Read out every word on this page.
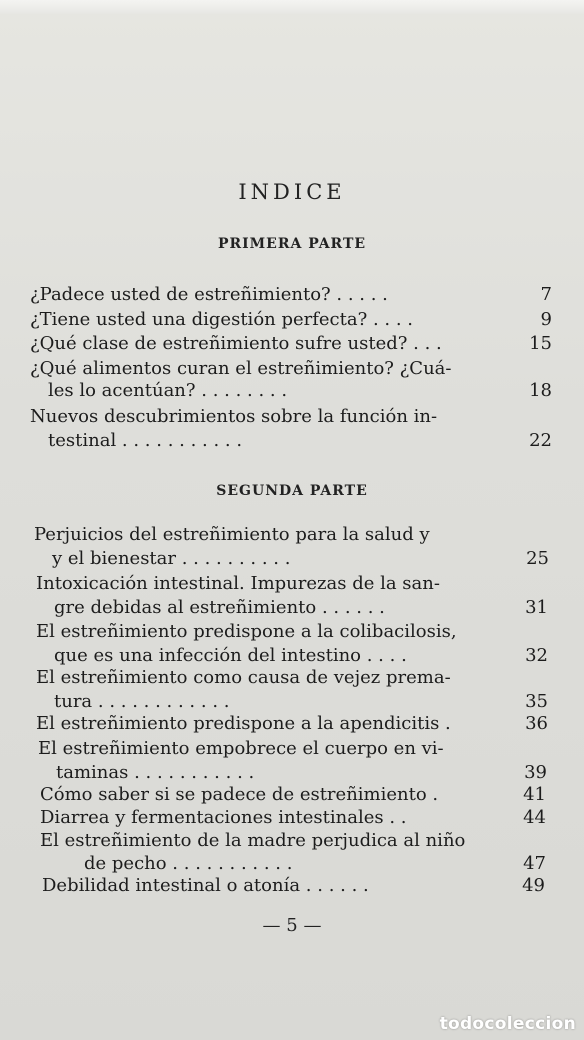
INDICE
PRIMERA PARTE
¿Padece usted de estreñimiento? . . . . .	7
¿Tiene usted una digestión perfecta? . . . .	9
¿Qué clase de estreñimiento sufre usted? . . .	15
¿Qué alimentos curan el estreñimiento? ¿Cuá-
les lo acentúan? . . . . . . . .	18
Nuevos descubrimientos sobre la función in-
testinal . . . . . . . . . . .	22
SEGUNDA PARTE
Perjuicios del estreñimiento para la salud y
y el bienestar . . . . . . . . . .	25
Intoxicación intestinal. Impurezas de la san-
gre debidas al estreñimiento . . . . . .	31
El estreñimiento predispone a la colibacilosis,
que es una infección del intestino . . . .	32
El estreñimiento como causa de vejez prema-
tura . . . . . . . . . . . .	35
El estreñimiento predispone a la apendicitis .	36
El estreñimiento empobrece el cuerpo en vi-
taminas . . . . . . . . . . .	39
Cómo saber si se padece de estreñimiento .	41
Diarrea y fermentaciones intestinales . .	44
El estreñimiento de la madre perjudica al niño
de pecho . . . . . . . . . . .	47
Debilidad intestinal o atonía . . . . . .	49
— 5 —
todocoleccion
